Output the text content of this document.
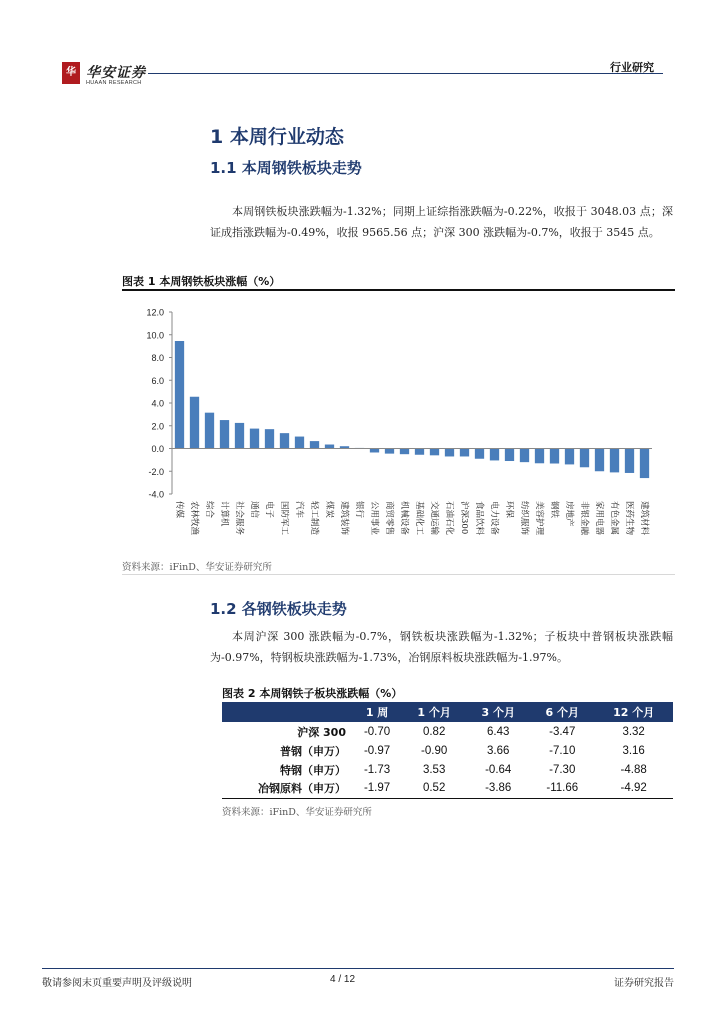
华 华安证券
HUAAN RESEARCH
行业研究
1 本周行业动态
1.1 本周钢铁板块走势
本周钢铁板块涨跌幅为-1.32%；同期上证综指涨跌幅为-0.22%，收报于 3048.03 点；深证成指涨跌幅为-0.49%，收报 9565.56 点；沪深 300 涨跌幅为-0.7%，收报于 3545 点。
图表 1 本周钢铁板块涨幅（%）
12.0
10.0
8.0
6.0
4.0
2.0
0.0
-2.0
-4.0
传媒 农林牧渔 综合 计算机 社会服务 通信 电子 国防军工 汽车 轻工制造 煤炭 建筑装饰 银行 公用事业 商贸零售 机械设备 基础化工 交通运输 石油石化 沪深300 食品饮料 电力设备 环保 纺织服饰 美容护理 钢铁 房地产 非银金融 家用电器 有色金属 医药生物 建筑材料
资料来源：iFinD、华安证券研究所
1.2 各钢铁板块走势
本周沪深 300 涨跌幅为-0.7%，钢铁板块涨跌幅为-1.32%；子板块中普钢板块涨跌幅为-0.97%，特钢板块涨跌幅为-1.73%，冶钢原料板块涨跌幅为-1.97%。
图表 2 本周钢铁子板块涨跌幅（%）
	1 周	1 个月	3 个月	6 个月	12 个月
沪深 300	-0.70	0.82	6.43	-3.47	3.32
普钢（申万）	-0.97	-0.90	3.66	-7.10	3.16
特钢（申万）	-1.73	3.53	-0.64	-7.30	-4.88
冶钢原料（申万）	-1.97	0.52	-3.86	-11.66	-4.92
资料来源：iFinD、华安证券研究所
敬请参阅末页重要声明及评级说明	4 / 12	证券研究报告
